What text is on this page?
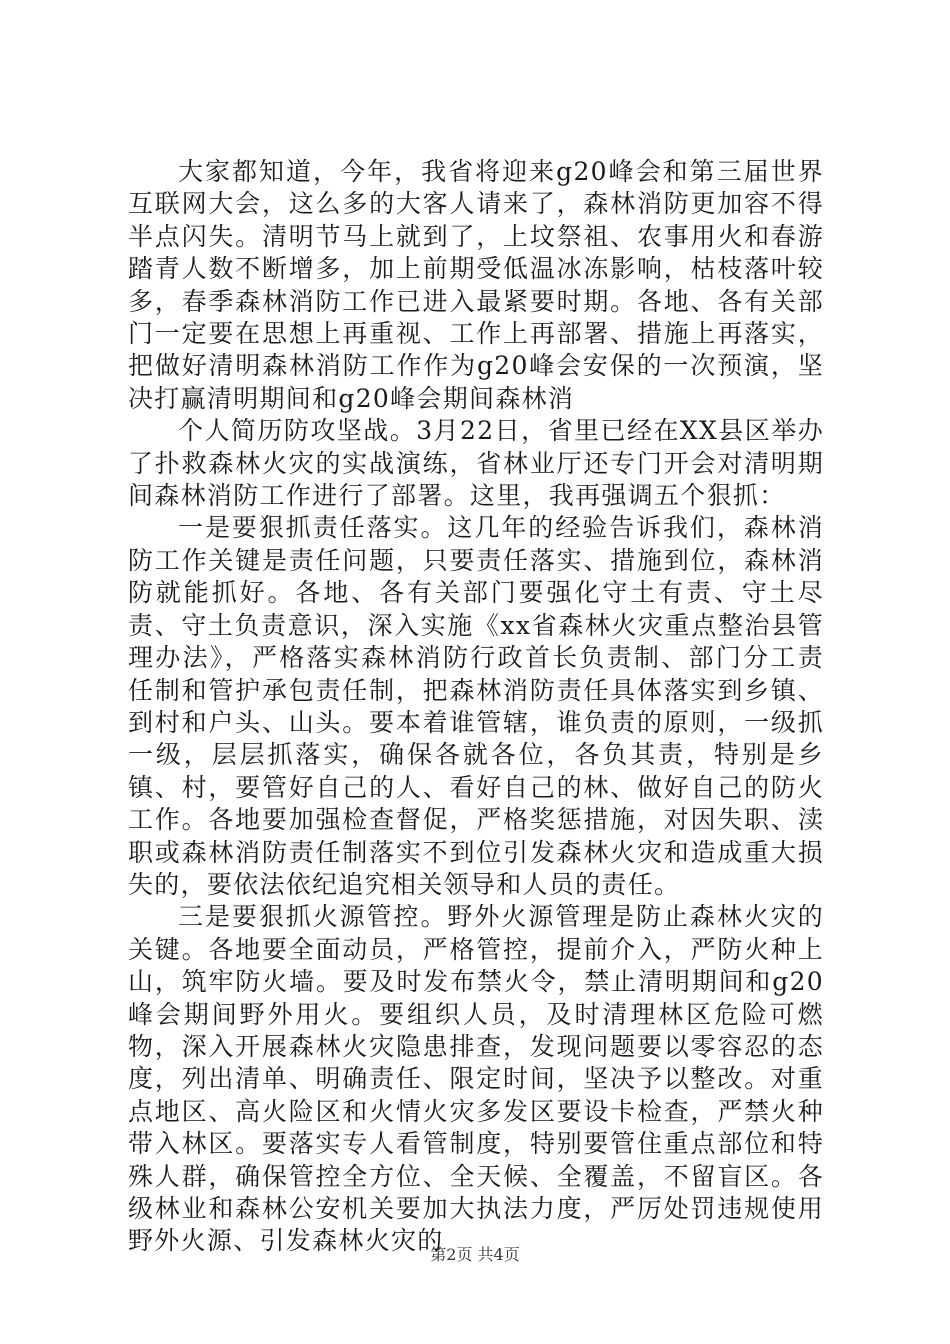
大家都知道，今年，我省将迎来g20峰会和第三届世界互联网大会，这么多的大客人请来了，森林消防更加容不得半点闪失。清明节马上就到了，上坟祭祖、农事用火和春游踏青人数不断增多，加上前期受低温冰冻影响，枯枝落叶较多，春季森林消防工作已进入最紧要时期。各地、各有关部门一定要在思想上再重视、工作上再部署、措施上再落实，把做好清明森林消防工作作为g20峰会安保的一次预演，坚决打赢清明期间和g20峰会期间森林消

个人简历防攻坚战。3月22日，省里已经在XX县区举办了扑救森林火灾的实战演练，省林业厅还专门开会对清明期间森林消防工作进行了部署。这里，我再强调五个狠抓：

一是要狠抓责任落实。这几年的经验告诉我们，森林消防工作关键是责任问题，只要责任落实、措施到位，森林消防就能抓好。各地、各有关部门要强化守土有责、守土尽责、守土负责意识，深入实施《xx省森林火灾重点整治县管理办法》，严格落实森林消防行政首长负责制、部门分工责任制和管护承包责任制，把森林消防责任具体落实到乡镇、到村和户头、山头。要本着谁管辖，谁负责的原则，一级抓一级，层层抓落实，确保各就各位，各负其责，特别是乡镇、村，要管好自己的人、看好自己的林、做好自己的防火工作。各地要加强检查督促，严格奖惩措施，对因失职、渎职或森林消防责任制落实不到位引发森林火灾和造成重大损失的，要依法依纪追究相关领导和人员的责任。

三是要狠抓火源管控。野外火源管理是防止森林火灾的关键。各地要全面动员，严格管控，提前介入，严防火种上山，筑牢防火墙。要及时发布禁火令，禁止清明期间和g20峰会期间野外用火。要组织人员，及时清理林区危险可燃物，深入开展森林火灾隐患排查，发现问题要以零容忍的态度，列出清单、明确责任、限定时间，坚决予以整改。对重点地区、高火险区和火情火灾多发区要设卡检查，严禁火种带入林区。要落实专人看管制度，特别要管住重点部位和特殊人群，确保管控全方位、全天候、全覆盖，不留盲区。各级林业和森林公安机关要加大执法力度，严厉处罚违规使用野外火源、引发森林火灾的

第2页 共4页
